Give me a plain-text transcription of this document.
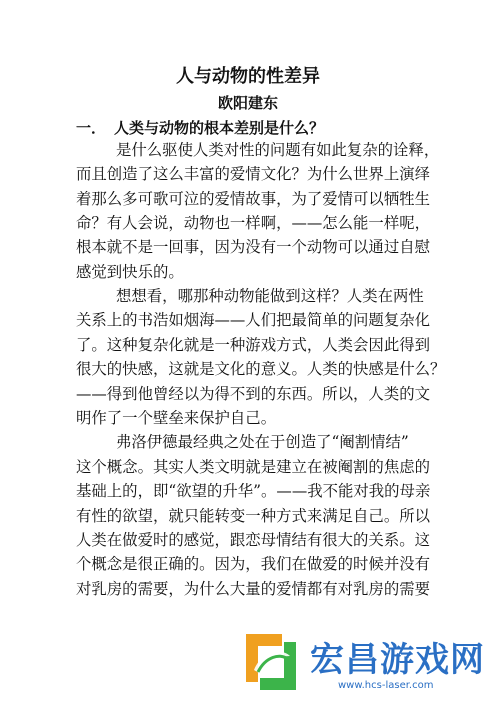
人与动物的性差异
欧阳建东
一． 人类与动物的根本差别是什么？
是什么驱使人类对性的问题有如此复杂的诠释，
而且创造了这么丰富的爱情文化？为什么世界上演绎
着那么多可歌可泣的爱情故事，为了爱情可以牺牲生
命？有人会说，动物也一样啊，——怎么能一样呢，
根本就不是一回事，因为没有一个动物可以通过自慰
感觉到快乐的。
想想看，哪那种动物能做到这样？人类在两性
关系上的书浩如烟海——人们把最简单的问题复杂化
了。这种复杂化就是一种游戏方式，人类会因此得到
很大的快感，这就是文化的意义。人类的快感是什么？
——得到他曾经以为得不到的东西。所以，人类的文
明作了一个壁垒来保护自己。
弗洛伊德最经典之处在于创造了“阉割情结”
这个概念。其实人类文明就是建立在被阉割的焦虑的
基础上的，即“欲望的升华”。——我不能对我的母亲
有性的欲望，就只能转变一种方式来满足自己。所以
人类在做爱时的感觉，跟恋母情结有很大的关系。这
个概念是很正确的。因为，我们在做爱的时候并没有
对乳房的需要，为什么大量的爱情都有对乳房的需要
宏昌游戏网
www.hcs-laser.com
